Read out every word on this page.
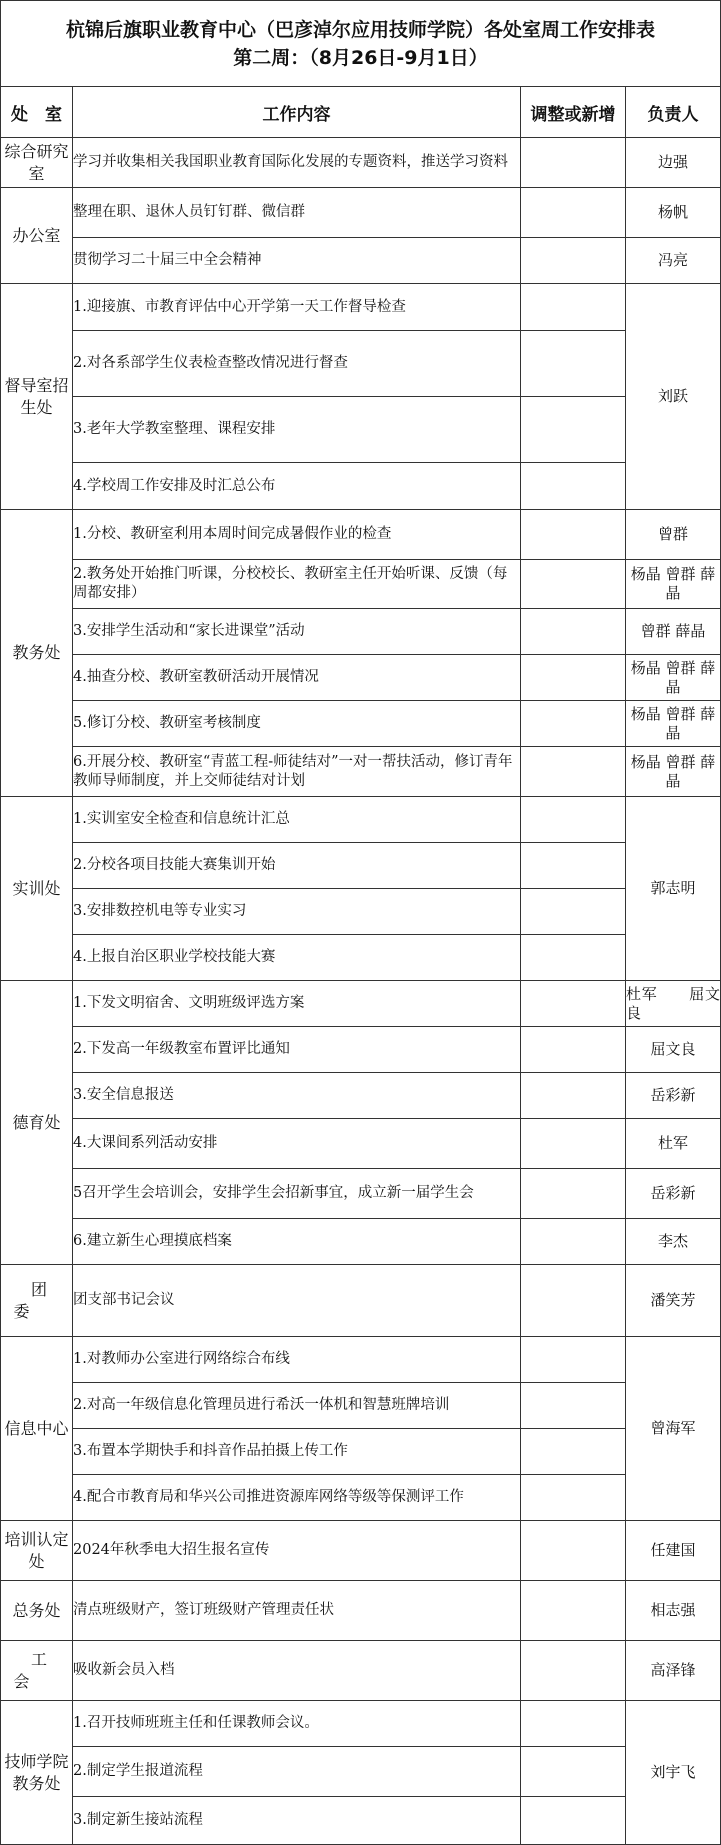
杭锦后旗职业教育中心（巴彦淖尔应用技师学院）各处室周工作安排表
第二周：（8月26日-9月1日）			

处　室	工作内容	调整或新增	负责人
综合研究室	学习并收集相关我国职业教育国际化发展的专题资料，推送学习资料		边强
办公室	整理在职、退休人员钉钉群、微信群		杨帆
	贯彻学习二十届三中全会精神		冯亮
督导室招生处	1.迎接旗、市教育评估中心开学第一天工作督导检查		刘跃
	2.对各系部学生仪表检查整改情况进行督查		
	3.老年大学教室整理、课程安排		
	4.学校周工作安排及时汇总公布		
教务处	1.分校、教研室利用本周时间完成暑假作业的检查		曾群
	2.教务处开始推门听课，分校校长、教研室主任开始听课、反馈（每周都安排）		杨晶 曾群 薛晶
	3.安排学生活动和“家长进课堂”活动		曾群 薛晶
	4.抽查分校、教研室教研活动开展情况		杨晶 曾群 薛晶
	5.修订分校、教研室考核制度		杨晶 曾群 薛晶
	6.开展分校、教研室“青蓝工程-师徒结对”一对一帮扶活动，修订青年教师导师制度，并上交师徒结对计划		杨晶 曾群 薛晶
实训处	1.实训室安全检查和信息统计汇总		郭志明
	2.分校各项目技能大赛集训开始		
	3.安排数控机电等专业实习		
	4.上报自治区职业学校技能大赛		
德育处	1.下发文明宿舍、文明班级评选方案		杜军　　屈文良
	2.下发高一年级教室布置评比通知		屈文良
	3.安全信息报送		岳彩新
	4.大课间系列活动安排		杜军
	5召开学生会培训会，安排学生会招新事宜，成立新一届学生会		岳彩新
	6.建立新生心理摸底档案		李杰
团委	团支部书记会议		潘笑芳
信息中心	1.对教师办公室进行网络综合布线		曾海军
	2.对高一年级信息化管理员进行希沃一体机和智慧班牌培训		
	3.布置本学期快手和抖音作品拍摄上传工作		
	4.配合市教育局和华兴公司推进资源库网络等级等保测评工作		
培训认定处	2024年秋季电大招生报名宣传		任建国
总务处	清点班级财产，签订班级财产管理责任状		相志强
工会	吸收新会员入档		高泽锋
技师学院教务处	1.召开技师班班主任和任课教师会议。		刘宇飞
	2.制定学生报道流程		
	3.制定新生接站流程		
